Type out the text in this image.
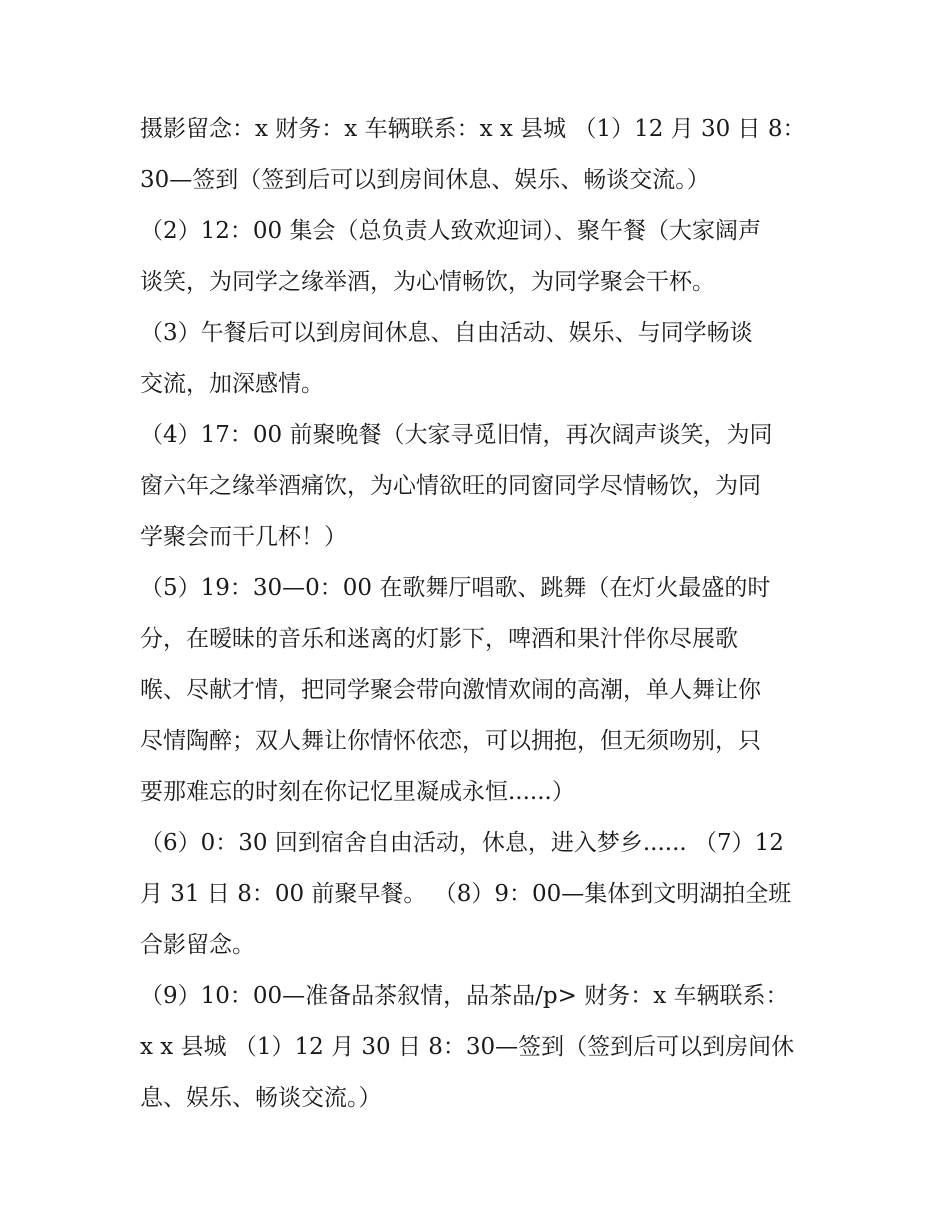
摄影留念：x 财务：x 车辆联系：x x 县城 （1）12 月 30 日 8：
30—签到（签到后可以到房间休息、娱乐、畅谈交流。）
（2）12：00 集会（总负责人致欢迎词）、聚午餐（大家阔声
谈笑，为同学之缘举酒，为心情畅饮，为同学聚会干杯。
（3）午餐后可以到房间休息、自由活动、娱乐、与同学畅谈
交流，加深感情。
（4）17：00 前聚晚餐（大家寻觅旧情，再次阔声谈笑，为同
窗六年之缘举酒痛饮，为心情欲旺的同窗同学尽情畅饮，为同
学聚会而干几杯！）
（5）19：30—0：00 在歌舞厅唱歌、跳舞（在灯火最盛的时
分，在暧昧的音乐和迷离的灯影下，啤酒和果汁伴你尽展歌
喉、尽献才情，把同学聚会带向激情欢闹的高潮，单人舞让你
尽情陶醉；双人舞让你情怀依恋，可以拥抱，但无须吻别，只
要那难忘的时刻在你记忆里凝成永恒......）
（6）0：30 回到宿舍自由活动，休息，进入梦乡...... （7）12
月 31 日 8：00 前聚早餐。 （8）9：00—集体到文明湖拍全班
合影留念。
（9）10：00—准备品茶叙情，品茶品/p> 财务：x 车辆联系：
x x 县城 （1）12 月 30 日 8：30—签到（签到后可以到房间休
息、娱乐、畅谈交流。）
